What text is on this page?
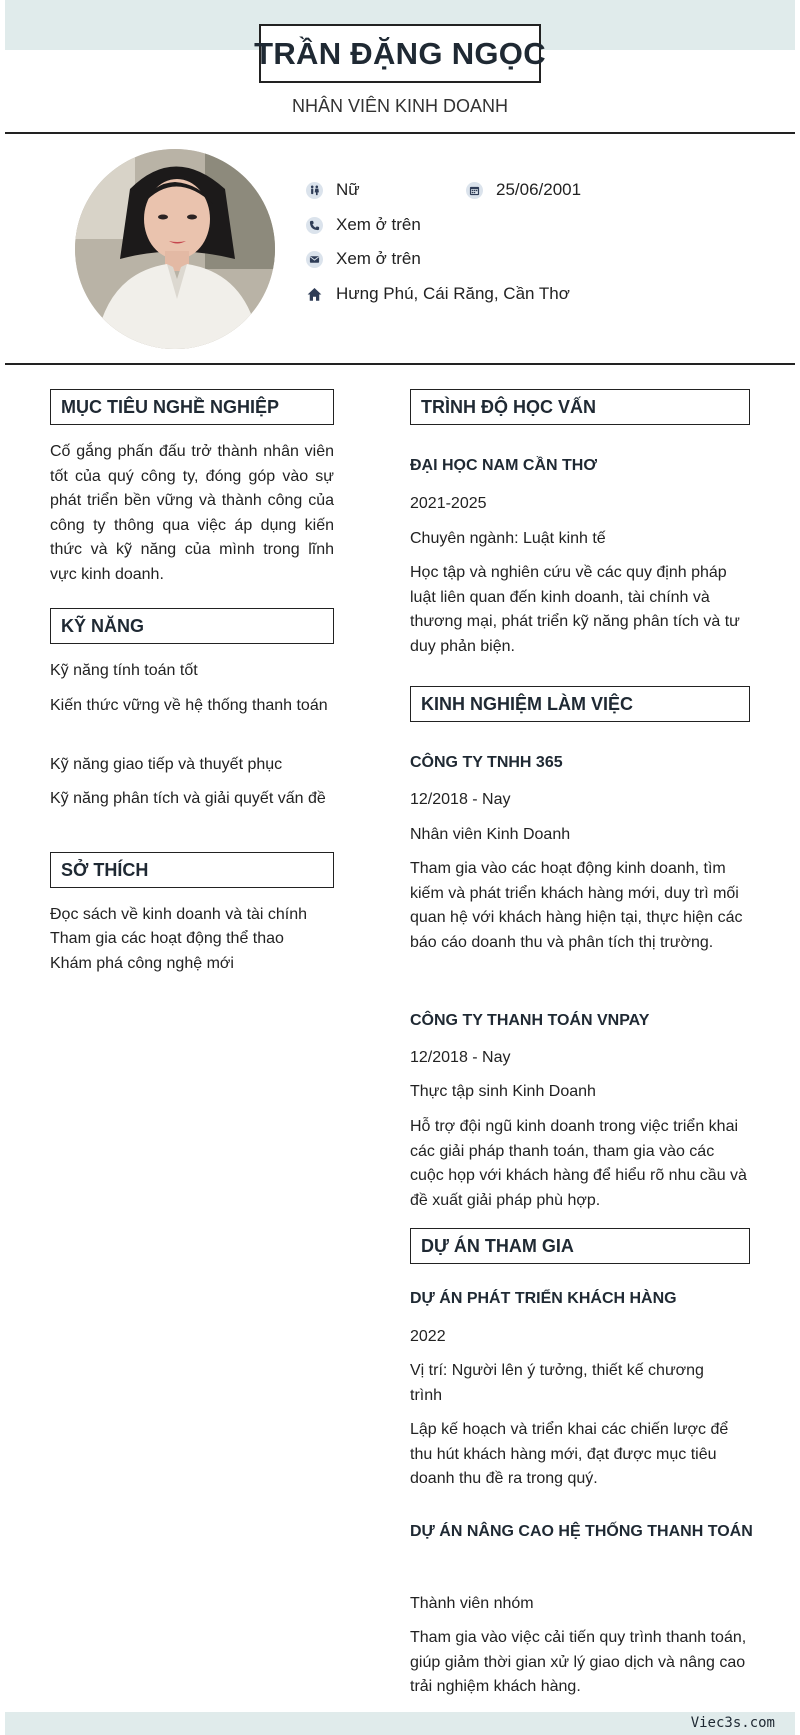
TRẦN ĐẶNG NGỌC
NHÂN VIÊN KINH DOANH
Nữ	25/06/2001
Xem ở trên
Xem ở trên
Hưng Phú, Cái Răng, Cần Thơ
MỤC TIÊU NGHỀ NGHIỆP
Cố gắng phấn đấu trở thành nhân viên tốt của quý công ty, đóng góp vào sự phát triển bền vững và thành công của công ty thông qua việc áp dụng kiến thức và kỹ năng của mình trong lĩnh vực kinh doanh.
KỸ NĂNG
Kỹ năng tính toán tốt
Kiến thức vững về hệ thống thanh toán
Kỹ năng giao tiếp và thuyết phục
Kỹ năng phân tích và giải quyết vấn đề
SỞ THÍCH
Đọc sách về kinh doanh và tài chính
Tham gia các hoạt động thể thao
Khám phá công nghệ mới
TRÌNH ĐỘ HỌC VẤN
ĐẠI HỌC NAM CẦN THƠ
2021-2025
Chuyên ngành: Luật kinh tế
Học tập và nghiên cứu về các quy định pháp luật liên quan đến kinh doanh, tài chính và thương mại, phát triển kỹ năng phân tích và tư duy phản biện.
KINH NGHIỆM LÀM VIỆC
CÔNG TY TNHH 365
12/2018 - Nay
Nhân viên Kinh Doanh
Tham gia vào các hoạt động kinh doanh, tìm kiếm và phát triển khách hàng mới, duy trì mối quan hệ với khách hàng hiện tại, thực hiện các báo cáo doanh thu và phân tích thị trường.
CÔNG TY THANH TOÁN VNPAY
12/2018 - Nay
Thực tập sinh Kinh Doanh
Hỗ trợ đội ngũ kinh doanh trong việc triển khai các giải pháp thanh toán, tham gia vào các cuộc họp với khách hàng để hiểu rõ nhu cầu và đề xuất giải pháp phù hợp.
DỰ ÁN THAM GIA
DỰ ÁN PHÁT TRIỂN KHÁCH HÀNG
2022
Vị trí: Người lên ý tưởng, thiết kế chương trình
Lập kế hoạch và triển khai các chiến lược để thu hút khách hàng mới, đạt được mục tiêu doanh thu đề ra trong quý.
DỰ ÁN NÂNG CAO HỆ THỐNG THANH TOÁN
Thành viên nhóm
Tham gia vào việc cải tiến quy trình thanh toán, giúp giảm thời gian xử lý giao dịch và nâng cao trải nghiệm khách hàng.
Viec3s.com
